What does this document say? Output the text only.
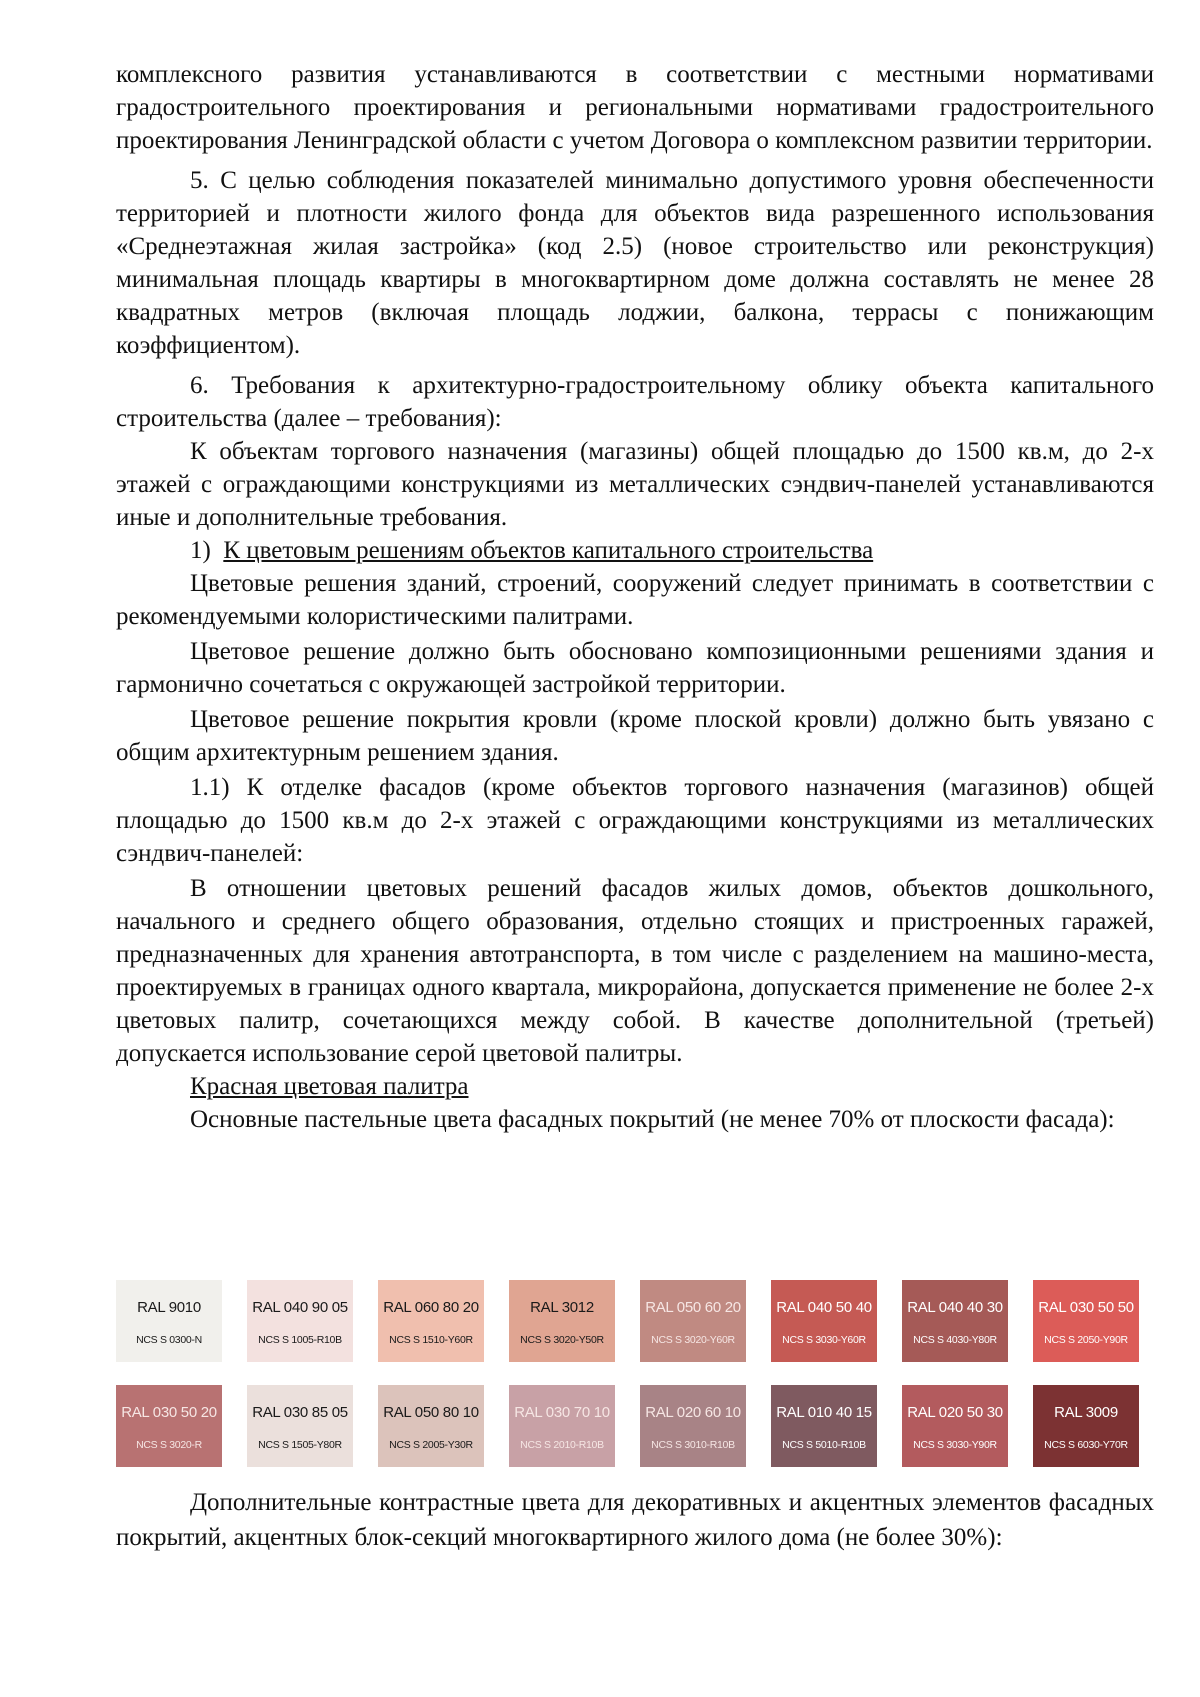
комплексного развития устанавливаются в соответствии с местными нормативами градостроительного проектирования и региональными нормативами градостроительного проектирования Ленинградской области с учетом Договора о комплексном развитии территории.

5. С целью соблюдения показателей минимально допустимого уровня обеспеченности территорией и плотности жилого фонда для объектов вида разрешенного использования «Среднеэтажная жилая застройка» (код 2.5) (новое строительство или реконструкция) минимальная площадь квартиры в многоквартирном доме должна составлять не менее 28 квадратных метров (включая площадь лоджии, балкона, террасы с понижающим коэффициентом).

6. Требования к архитектурно-градостроительному облику объекта капитального строительства (далее – требования):

К объектам торгового назначения (магазины) общей площадью до 1500 кв.м, до 2-х этажей с ограждающими конструкциями из металлических сэндвич-панелей устанавливаются иные и дополнительные требования.

1) К цветовым решениям объектов капитального строительства

Цветовые решения зданий, строений, сооружений следует принимать в соответствии с рекомендуемыми колористическими палитрами.

Цветовое решение должно быть обосновано композиционными решениями здания и гармонично сочетаться с окружающей застройкой территории.

Цветовое решение покрытия кровли (кроме плоской кровли) должно быть увязано с общим архитектурным решением здания.

1.1) К отделке фасадов (кроме объектов торгового назначения (магазинов) общей площадью до 1500 кв.м до 2-х этажей с ограждающими конструкциями из металлических сэндвич-панелей:

В отношении цветовых решений фасадов жилых домов, объектов дошкольного, начального и среднего общего образования, отдельно стоящих и пристроенных гаражей, предназначенных для хранения автотранспорта, в том числе с разделением на машино-места, проектируемых в границах одного квартала, микрорайона, допускается применение не более 2-х цветовых палитр, сочетающихся между собой. В качестве дополнительной (третьей) допускается использование серой цветовой палитры.

Красная цветовая палитра

Основные пастельные цвета фасадных покрытий (не менее 70% от плоскости фасада):

RAL 9010
NCS S 0300-N
RAL 040 90 05
NCS S 1005-R10B
RAL 060 80 20
NCS S 1510-Y60R
RAL 3012
NCS S 3020-Y50R
RAL 050 60 20
NCS S 3020-Y60R
RAL 040 50 40
NCS S 3030-Y60R
RAL 040 40 30
NCS S 4030-Y80R
RAL 030 50 50
NCS S 2050-Y90R
RAL 030 50 20
NCS S 3020-R
RAL 030 85 05
NCS S 1505-Y80R
RAL 050 80 10
NCS S 2005-Y30R
RAL 030 70 10
NCS S 2010-R10B
RAL 020 60 10
NCS S 3010-R10B
RAL 010 40 15
NCS S 5010-R10B
RAL 020 50 30
NCS S 3030-Y90R
RAL 3009
NCS S 6030-Y70R

Дополнительные контрастные цвета для декоративных и акцентных элементов фасадных покрытий, акцентных блок-секций многоквартирного жилого дома (не более 30%):
